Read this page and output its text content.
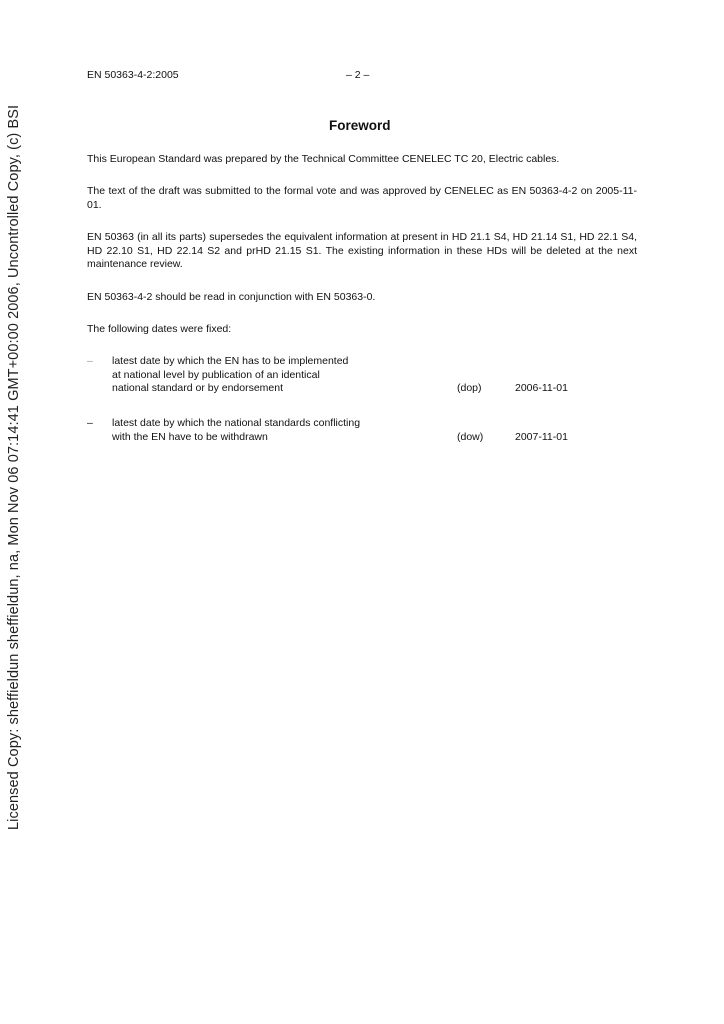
Licensed Copy: sheffieldun sheffieldun, na, Mon Nov 06 07:14:41 GMT+00:00 2006, Uncontrolled Copy, (c) BSI
EN 50363-4-2:2005	– 2 –
Foreword
This European Standard was prepared by the Technical Committee CENELEC TC 20, Electric cables.
The text of the draft was submitted to the formal vote and was approved by CENELEC as EN 50363-4-2 on 2005-11-01.
EN 50363 (in all its parts) supersedes the equivalent information at present in HD 21.1 S4, HD 21.14 S1, HD 22.1 S4, HD 22.10 S1, HD 22.14 S2 and prHD 21.15 S1. The existing information in these HDs will be deleted at the next maintenance review.
EN 50363-4-2 should be read in conjunction with EN 50363-0.
The following dates were fixed:
– latest date by which the EN has to be implemented
at national level by publication of an identical
national standard or by endorsement	(dop)	2006-11-01
– latest date by which the national standards conflicting
with the EN have to be withdrawn	(dow)	2007-11-01
